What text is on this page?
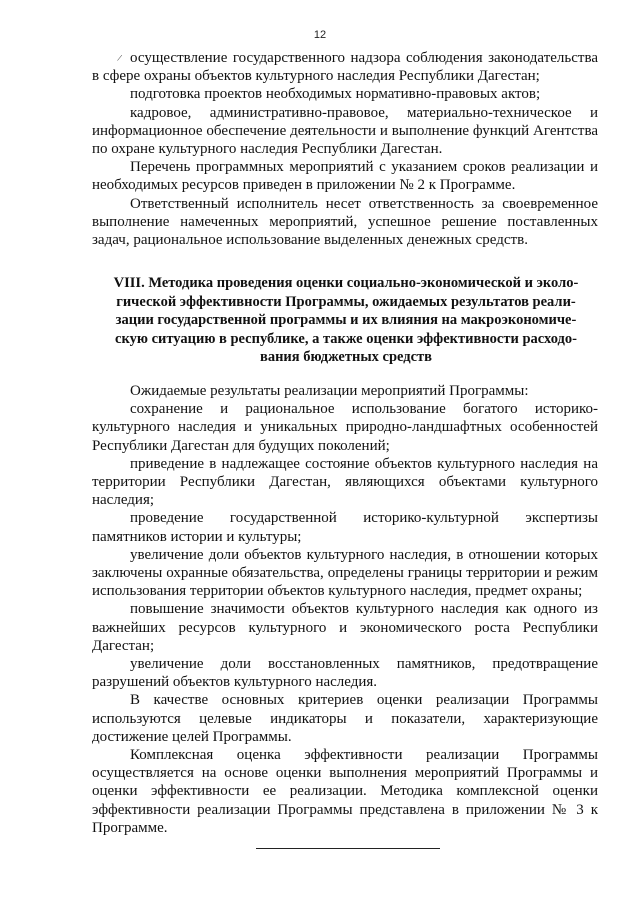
12
/ осуществление государственного надзора соблюдения законодательства в сфере охраны объектов культурного наследия Республики Дагестан;

подготовка проектов необходимых нормативно-правовых актов;

кадровое, административно-правовое, материально-техническое и информационное обеспечение деятельности и выполнение функций Агентства по охране культурного наследия Республики Дагестан.

Перечень программных мероприятий с указанием сроков реализации и необходимых ресурсов приведен в приложении № 2 к Программе.

Ответственный исполнитель несет ответственность за своевременное выполнение намеченных мероприятий, успешное решение поставленных задач, рациональное использование выделенных денежных средств.

VIII. Методика проведения оценки социально-экономической и эколо-
гической эффективности Программы, ожидаемых результатов реали-
зации государственной программы и их влияния на макроэкономиче-
скую ситуацию в республике, а также оценки эффективности расходо-
вания бюджетных средств

Ожидаемые результаты реализации мероприятий Программы:

сохранение и рациональное использование богатого историко-культурного наследия и уникальных природно-ландшафтных особенностей Республики Дагестан для будущих поколений;

приведение в надлежащее состояние объектов культурного наследия на территории Республики Дагестан, являющихся объектами культурного наследия;

проведение государственной историко-культурной экспертизы памятников истории и культуры;

увеличение доли объектов культурного наследия, в отношении которых заключены охранные обязательства, определены границы территории и режим использования территории объектов культурного наследия, предмет охраны;

повышение значимости объектов культурного наследия как одного из важнейших ресурсов культурного и экономического роста Республики Дагестан;

увеличение доли восстановленных памятников, предотвращение разрушений объектов культурного наследия.

В качестве основных критериев оценки реализации Программы используются целевые индикаторы и показатели, характеризующие достижение целей Программы.

Комплексная оценка эффективности реализации Программы осуществляется на основе оценки выполнения мероприятий Программы и оценки эффективности ее реализации. Методика комплексной оценки эффективности реализации Программы представлена в приложении № 3 к Программе.
